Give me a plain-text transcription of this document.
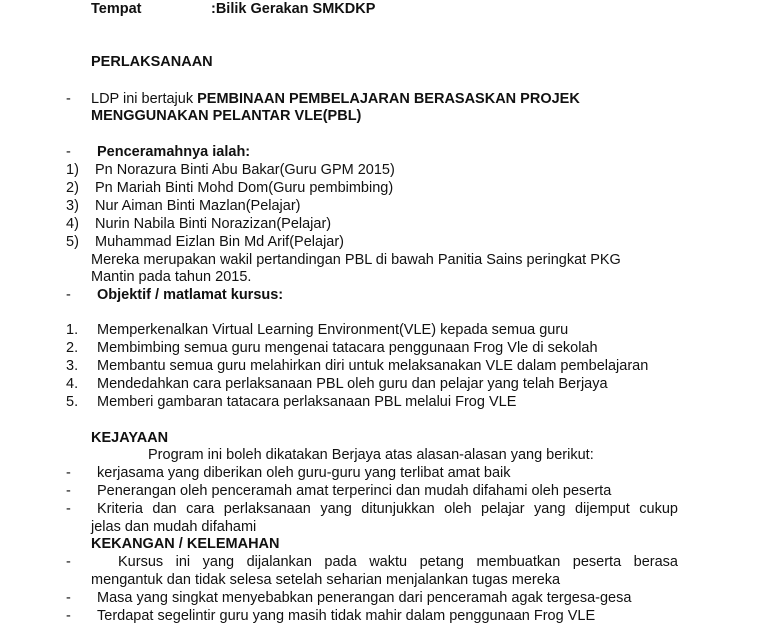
Tempat	:Bilik Gerakan SMKDKP
PERLAKSANAAN
- LDP ini bertajuk PEMBINAAN PEMBELAJARAN BERASASKAN PROJEK
MENGGUNAKAN PELANTAR VLE(PBL)
- Penceramahnya ialah:
1) Pn Norazura Binti Abu Bakar(Guru GPM 2015)
2) Pn Mariah Binti Mohd Dom(Guru pembimbing)
3) Nur Aiman Binti Mazlan(Pelajar)
4) Nurin Nabila Binti Norazizan(Pelajar)
5) Muhammad Eizlan Bin Md Arif(Pelajar)
Mereka merupakan wakil pertandingan PBL di bawah Panitia Sains peringkat PKG
Mantin pada tahun 2015.
- Objektif / matlamat kursus:
1. Memperkenalkan Virtual Learning Environment(VLE) kepada semua guru
2. Membimbing semua guru mengenai tatacara penggunaan Frog Vle di sekolah
3. Membantu semua guru melahirkan diri untuk melaksanakan VLE dalam pembelajaran
4. Mendedahkan cara perlaksanaan PBL oleh guru dan pelajar yang telah Berjaya
5. Memberi gambaran tatacara perlaksanaan PBL melalui Frog VLE
KEJAYAAN
Program ini boleh dikatakan Berjaya atas alasan-alasan yang berikut:
- kerjasama yang diberikan oleh guru-guru yang terlibat amat baik
- Penerangan oleh penceramah amat terperinci dan mudah difahami oleh peserta
- Kriteria dan cara perlaksanaan yang ditunjukkan oleh pelajar yang dijemput cukup
jelas dan mudah difahami
KEKANGAN / KELEMAHAN
-	Kursus ini yang dijalankan pada waktu petang membuatkan peserta berasa
mengantuk dan tidak selesa setelah seharian menjalankan tugas mereka
- Masa yang singkat menyebabkan penerangan dari penceramah agak tergesa-gesa
- Terdapat segelintir guru yang masih tidak mahir dalam penggunaan Frog VLE
